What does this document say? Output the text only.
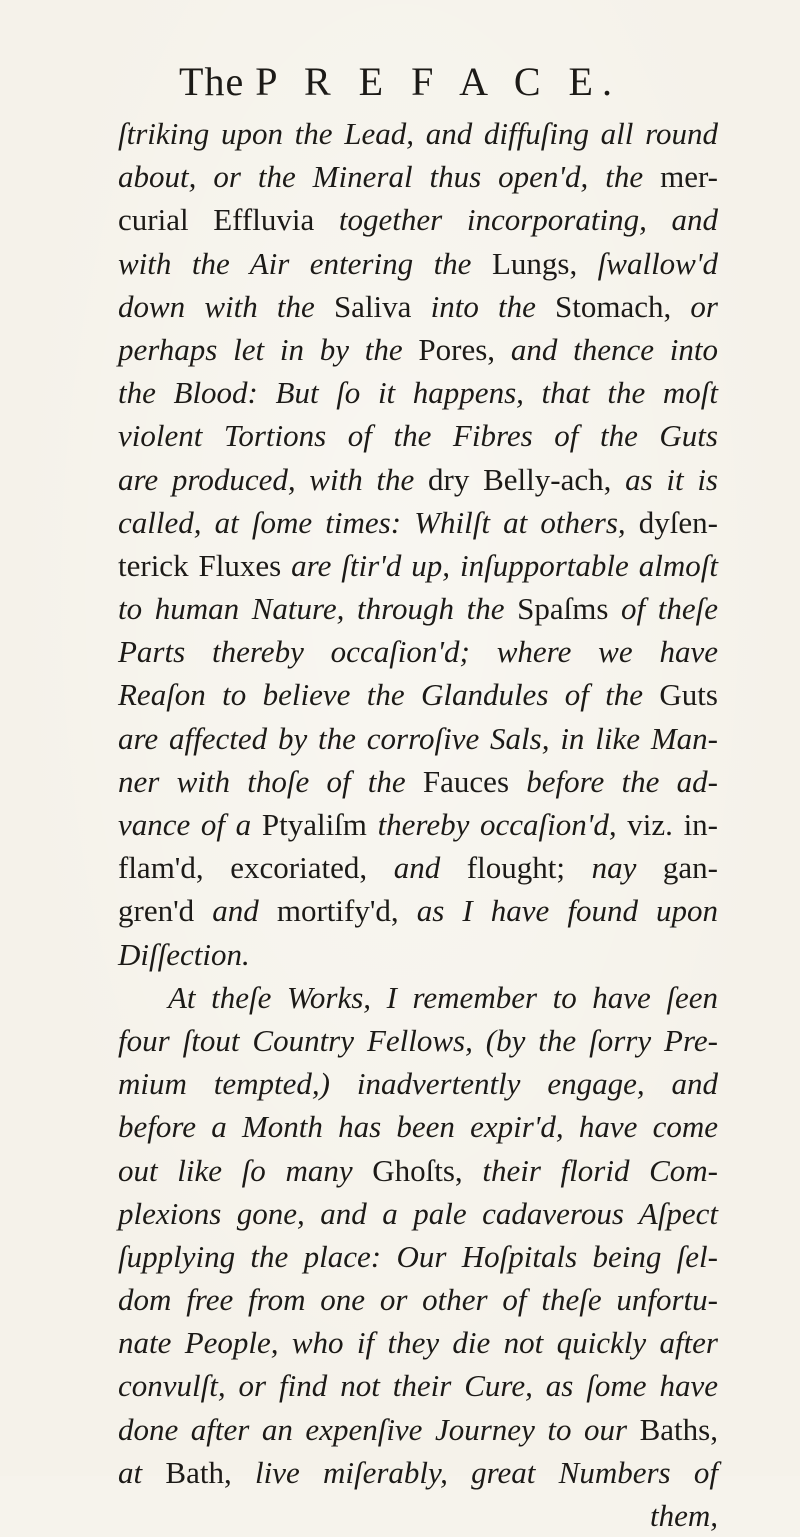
The P R E F A C E.
ſtriking upon the Lead, and diffuſing all round
about, or the Mineral thus open'd, the mer-
curial Effluvia together incorporating, and
with the Air entering the Lungs, ſwallow'd
down with the Saliva into the Stomach, or
perhaps let in by the Pores, and thence into
the Blood: But ſo it happens, that the moſt
violent Tortions of the Fibres of the Guts
are produced, with the dry Belly-ach, as it is
called, at ſome times: Whilſt at others, dyſen-
terick Fluxes are ſtir'd up, inſupportable almoſt
to human Nature, through the Spaſms of theſe
Parts thereby occaſion'd; where we have
Reaſon to believe the Glandules of the Guts
are affected by the corroſive Sals, in like Man-
ner with thoſe of the Fauces before the ad-
vance of a Ptyaliſm thereby occaſion'd, viz. in-
flam'd, excoriated, and flought; nay gan-
gren'd and mortify'd, as I have found upon
Diſſection.
At theſe Works, I remember to have ſeen
four ſtout Country Fellows, (by the ſorry Pre-
mium tempted,) inadvertently engage, and
before a Month has been expir'd, have come
out like ſo many Ghoſts, their florid Com-
plexions gone, and a pale cadaverous Aſpect
ſupplying the place: Our Hoſpitals being ſel-
dom free from one or other of theſe unfortu-
nate People, who if they die not quickly after
convulſt, or find not their Cure, as ſome have
done after an expenſive Journey to our Baths,
at Bath, live miſerably, great Numbers of
them,
